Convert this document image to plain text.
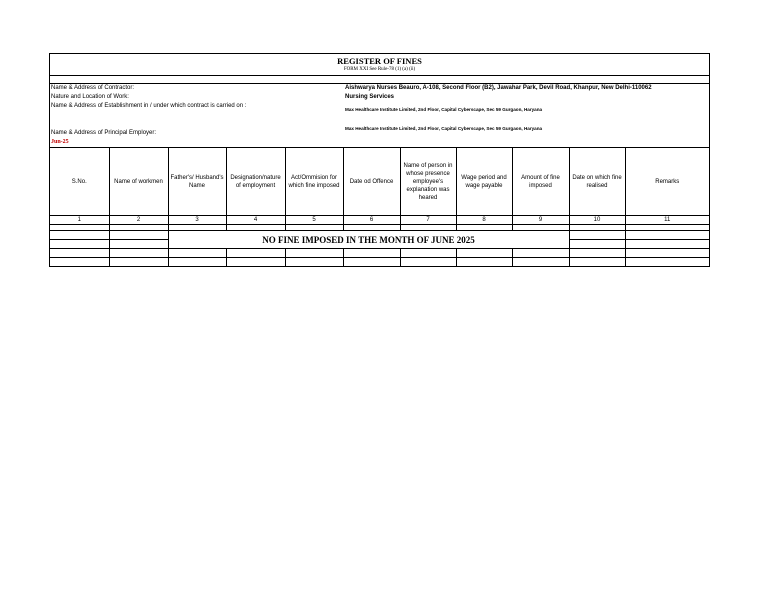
REGISTER OF FINES
FORM XXI See Rule-78 (1) (a) (ii)
Name & Address of Contractor:	Aishwarya Nurses Beauro, A-108, Second Floor (B2), Jawahar Park, Devil Road, Khanpur, New Delhi-110062
Nature and Location of Work:	Nursing Services
Name & Address of Establishment in / under which contract is carried on :
Max Healthcare Institute Limited, 2nd Floor, Capital Cyberscape, Sec 59 Gurgaon, Haryana
Name & Address of Principal Employer:
Max Healthcare Institute Limited, 2nd Floor, Capital Cyberscape, Sec 59 Gurgaon, Haryana
Jun-25
S.No.	Name of workmen	Father's/ Husband's Name	Designation/nature of employment	Act/Ommision for which fine imposed	Date od Offence	Name of person in whose presence employee's explanation was heared	Wage period and wage payable	Amount of fine imposed	Date on which fine realised	Remarks
1	2	3	4	5	6	7	8	9	10	11

		NO FINE IMPOSED IN THE MONTH OF JUNE 2025								
